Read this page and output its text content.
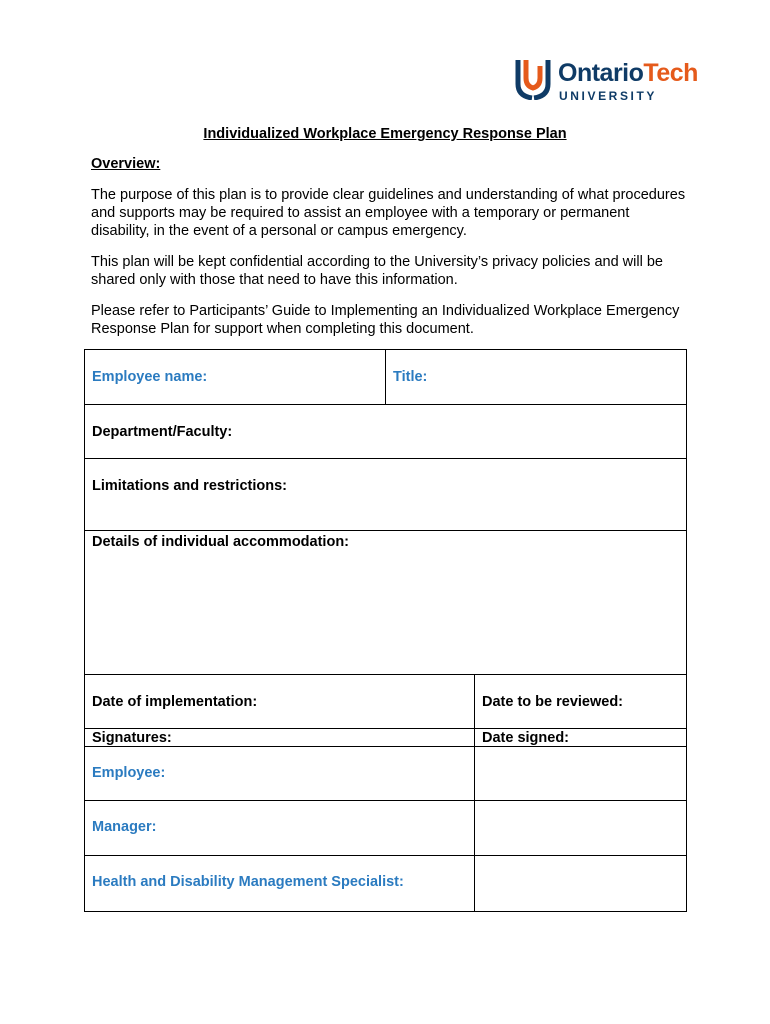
OntarioTech
UNIVERSITY
Individualized Workplace Emergency Response Plan
Overview:
The purpose of this plan is to provide clear guidelines and understanding of what procedures and supports may be required to assist an employee with a temporary or permanent disability, in the event of a personal or campus emergency.
This plan will be kept confidential according to the University’s privacy policies and will be shared only with those that need to have this information.
Please refer to Participants’ Guide to Implementing an Individualized Workplace Emergency Response Plan for support when completing this document.
Employee name:	Title:	

Department/Faculty:		

Limitations and restrictions:		

Details of individual accommodation:		

Date of implementation:		Date to be reviewed:

Signatures:		Date signed:

Employee:		

Manager:		

Health and Disability Management Specialist:		
